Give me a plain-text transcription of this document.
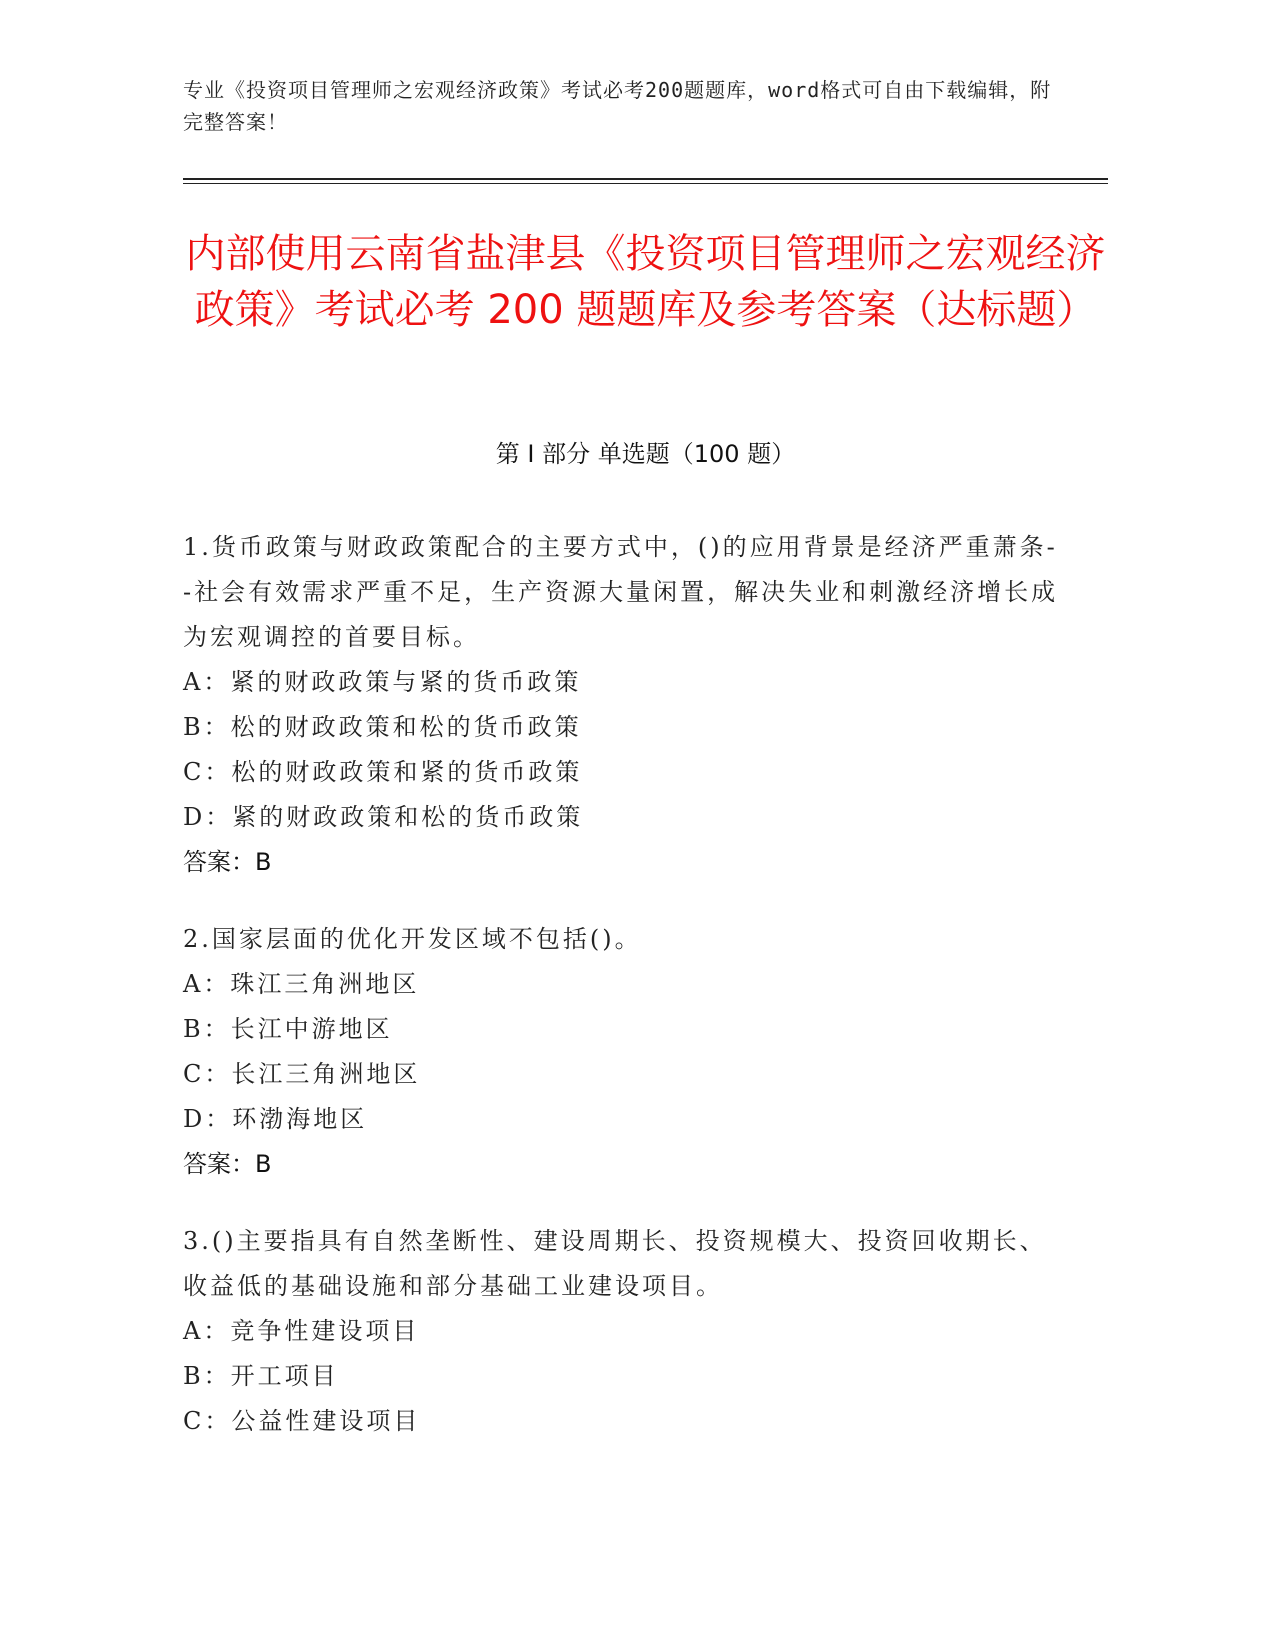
专业《投资项目管理师之宏观经济政策》考试必考200题题库，word格式可自由下载编辑，附完整答案！
内部使用云南省盐津县《投资项目管理师之宏观经济政策》考试必考 200 题题库及参考答案（达标题）
第 I 部分 单选题（100 题）

1.货币政策与财政政策配合的主要方式中，()的应用背景是经济严重萧条--社会有效需求严重不足，生产资源大量闲置，解决失业和刺激经济增长成为宏观调控的首要目标。

A：紧的财政政策与紧的货币政策

B：松的财政政策和松的货币政策

C：松的财政政策和紧的货币政策

D：紧的财政政策和松的货币政策

答案：B

2.国家层面的优化开发区域不包括()。

A：珠江三角洲地区

B：长江中游地区

C：长江三角洲地区

D：环渤海地区

答案：B

3.()主要指具有自然垄断性、建设周期长、投资规模大、投资回收期长、收益低的基础设施和部分基础工业建设项目。

A：竞争性建设项目

B：开工项目

C：公益性建设项目
